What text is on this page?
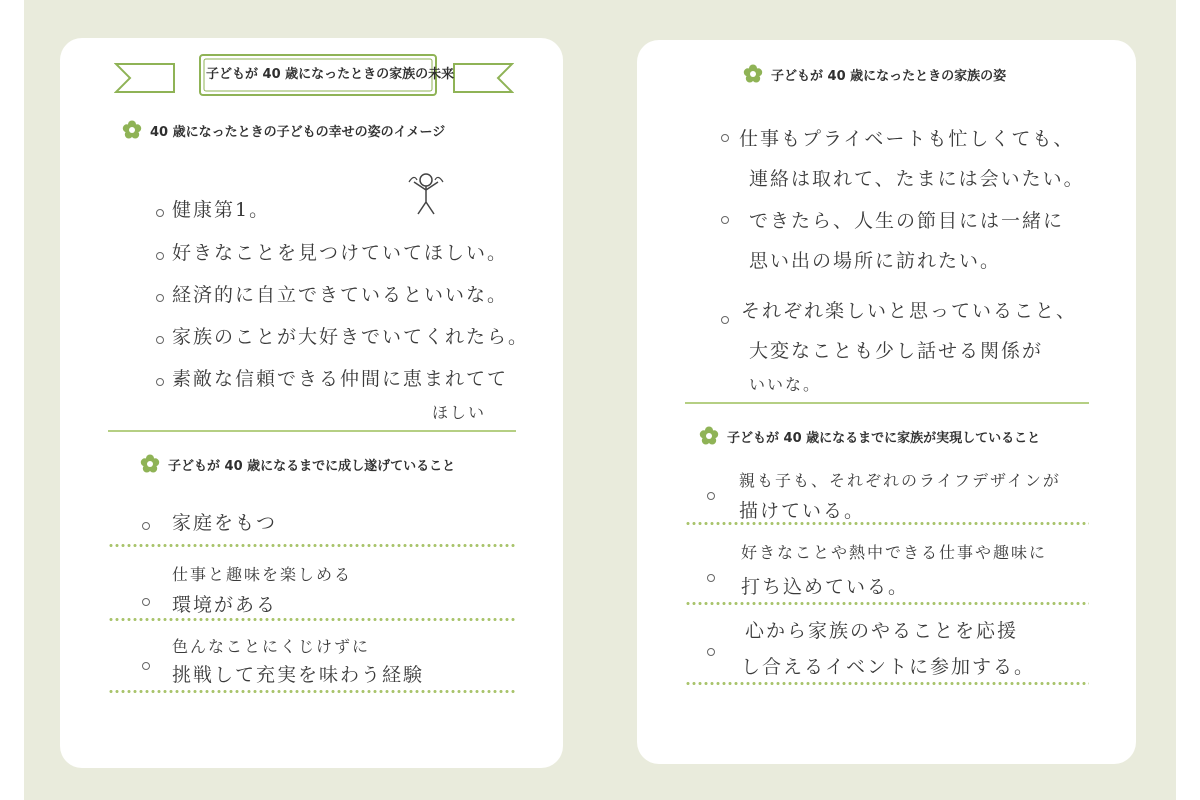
子どもが 40 歳になったときの家族の未来
40 歳になったときの子どもの幸せの姿のイメージ
健康第1。
好きなことを見つけていてほしい。
経済的に自立できているといいな。
家族のことが大好きでいてくれたら。
素敵な信頼できる仲間に恵まれてて
ほしい
子どもが 40 歳になるまでに成し遂げていること
家庭をもつ
仕事と趣味を楽しめる
環境がある
色んなことにくじけずに
挑戦して充実を味わう経験
子どもが 40 歳になったときの家族の姿
仕事もプライベートも忙しくても、
連絡は取れて、たまには会いたい。
できたら、人生の節目には一緒に
思い出の場所に訪れたい。
それぞれ楽しいと思っていること、
大変なことも少し話せる関係が
いいな。
子どもが 40 歳になるまでに家族が実現していること
親も子も、それぞれのライフデザインが
描けている。
好きなことや熱中できる仕事や趣味に
打ち込めている。
心から家族のやることを応援
し合えるイベントに参加する。
